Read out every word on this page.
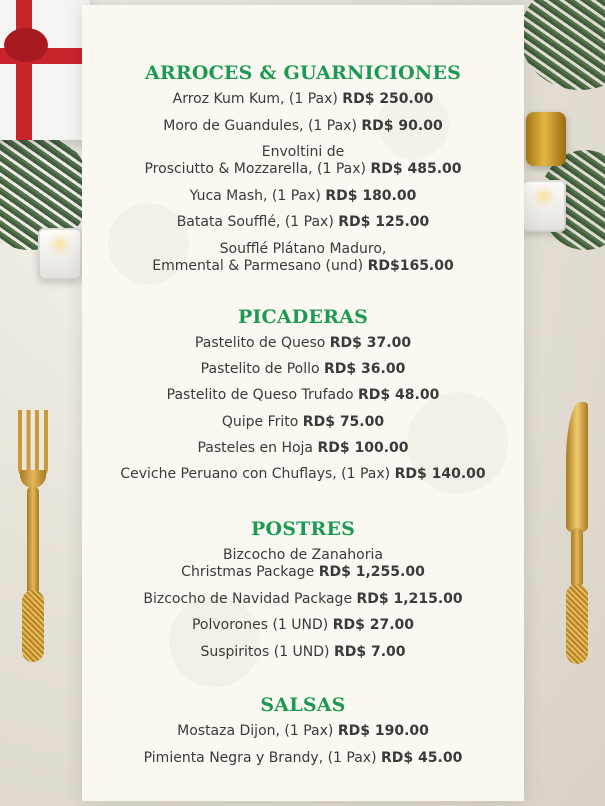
ARROCES & GUARNICIONES
Arroz Kum Kum, (1 Pax) RD$ 250.00
Moro de Guandules, (1 Pax) RD$ 90.00
Envoltini de
Prosciutto & Mozzarella, (1 Pax) RD$ 485.00
Yuca Mash, (1 Pax) RD$ 180.00
Batata Soufflé, (1 Pax) RD$ 125.00
Soufflé Plátano Maduro,
Emmental & Parmesano (und) RD$165.00
PICADERAS
Pastelito de Queso RD$ 37.00
Pastelito de Pollo RD$ 36.00
Pastelito de Queso Trufado RD$ 48.00
Quipe Frito RD$ 75.00
Pasteles en Hoja RD$ 100.00
Ceviche Peruano con Chuflays, (1 Pax) RD$ 140.00
POSTRES
Bizcocho de Zanahoria
Christmas Package RD$ 1,255.00
Bizcocho de Navidad Package RD$ 1,215.00
Polvorones (1 UND) RD$ 27.00
Suspiritos (1 UND) RD$ 7.00
SALSAS
Mostaza Dijon, (1 Pax) RD$ 190.00
Pimienta Negra y Brandy, (1 Pax) RD$ 45.00
